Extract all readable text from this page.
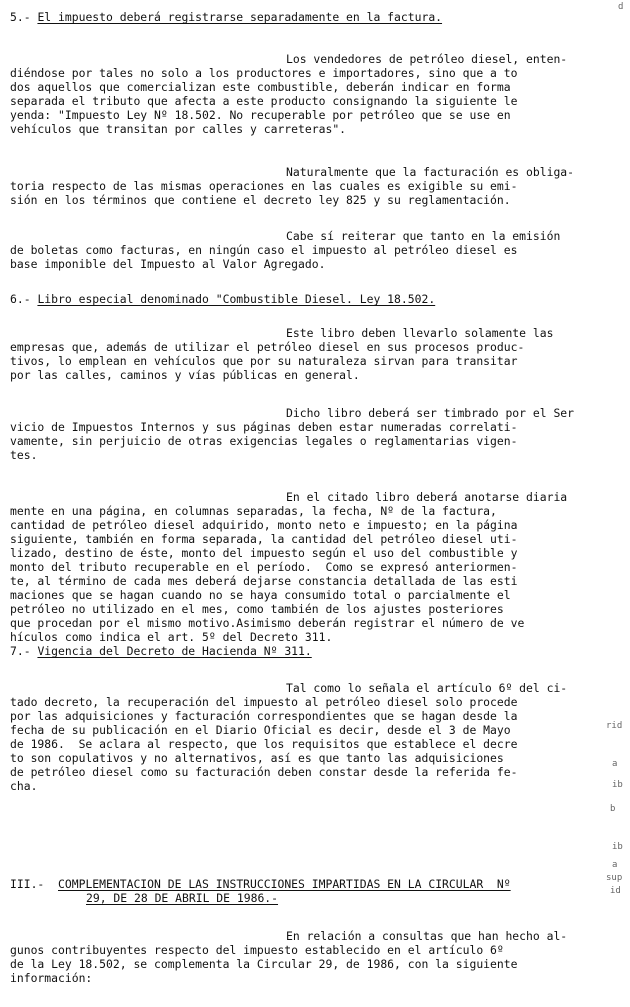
5.- El impuesto deberá registrarse separadamente en la factura.
Los vendedores de petróleo diesel, enten-
diéndose por tales no solo a los productores e importadores, sino que a to
dos aquellos que comercializan este combustible, deberán indicar en forma
separada el tributo que afecta a este producto consignando la siguiente le
yenda: "Impuesto Ley Nº 18.502. No recuperable por petróleo que se use en
vehículos que transitan por calles y carreteras".
Naturalmente que la facturación es obliga-
toria respecto de las mismas operaciones en las cuales es exigible su emi-
sión en los términos que contiene el decreto ley 825 y su reglamentación.
Cabe sí reiterar que tanto en la emisión
de boletas como facturas, en ningún caso el impuesto al petróleo diesel es
base imponible del Impuesto al Valor Agregado.
6.- Libro especial denominado "Combustible Diesel. Ley 18.502.
Este libro deben llevarlo solamente las
empresas que, además de utilizar el petróleo diesel en sus procesos produc-
tivos, lo emplean en vehículos que por su naturaleza sirvan para transitar
por las calles, caminos y vías públicas en general.
Dicho libro deberá ser timbrado por el Ser
vicio de Impuestos Internos y sus páginas deben estar numeradas correlati-
vamente, sin perjuicio de otras exigencias legales o reglamentarias vigen-
tes.
En el citado libro deberá anotarse diaria
mente en una página, en columnas separadas, la fecha, Nº de la factura,
cantidad de petróleo diesel adquirido, monto neto e impuesto; en la página
siguiente, también en forma separada, la cantidad del petróleo diesel uti-
lizado, destino de éste, monto del impuesto según el uso del combustible y
monto del tributo recuperable en el período.  Como se expresó anteriormen-
te, al término de cada mes deberá dejarse constancia detallada de las esti
maciones que se hagan cuando no se haya consumido total o parcialmente el
petróleo no utilizado en el mes, como también de los ajustes posteriores
que procedan por el mismo motivo.Asimismo deberán registrar el número de ve
hículos como indica el art. 5º del Decreto 311.
7.- Vigencia del Decreto de Hacienda Nº 311.
Tal como lo señala el artículo 6º del ci-
tado decreto, la recuperación del impuesto al petróleo diesel solo procede
por las adquisiciones y facturación correspondientes que se hagan desde la
fecha de su publicación en el Diario Oficial es decir, desde el 3 de Mayo
de 1986.  Se aclara al respecto, que los requisitos que establece el decre
to son copulativos y no alternativos, así es que tanto las adquisiciones
de petróleo diesel como su facturación deben constar desde la referida fe-
cha.
III.- COMPLEMENTACION DE LAS INSTRUCCIONES IMPARTIDAS EN LA CIRCULAR  Nº
29, DE 28 DE ABRIL DE 1986.-
En relación a consultas que han hecho al-
gunos contribuyentes respecto del impuesto establecido en el artículo 6º
de la Ley 18.502, se complementa la Circular 29, de 1986, con la siguiente
información:
d
a
ib
rid
b
ib
a
sup
id
